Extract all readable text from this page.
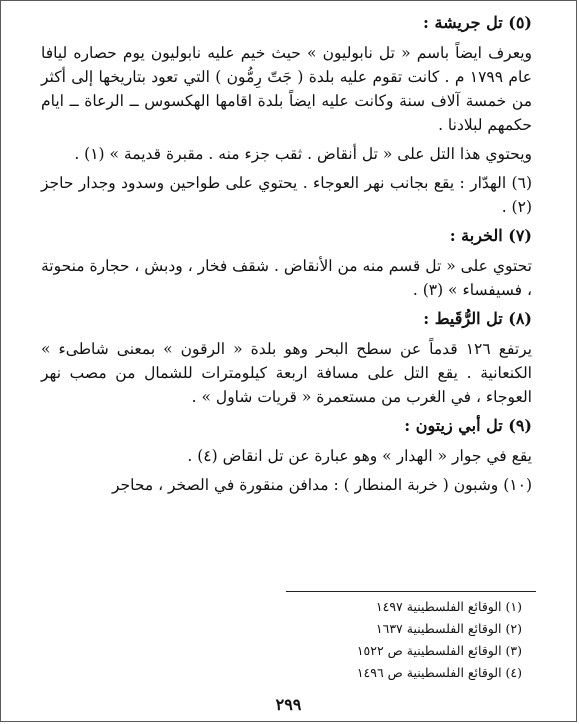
(٥) تل جريشة :
ويعرف ايضاً باسم « تل نابوليون » حيث خيم عليه نابوليون يوم حصاره ليافا عام ١٧٩٩ م . كانت تقوم عليه بلدة ( جَتّ رِمُّون ) التي تعود بتاريخها إلى أكثر من خمسة آلاف سنة وكانت عليه ايضاً بلدة اقامها الهكسوس ــ الرعاة ــ ايام حكمهم لبلادنا .
ويحتوي هذا التل على « تل أنقاض . ثقب جزء منه . مقبرة قديمة » (١) .
(٦) الهدّار : يقع بجانب نهر العوجاء . يحتوي على طواحين وسدود وجدار حاجز (٢) .
(٧) الخربة :
تحتوي على « تل قسم منه من الأنقاض . شقف فخار ، ودبش ، حجارة منحوتة ، فسيفساء » (٣) .
(٨) تل الرُّقَيط :
يرتفع ١٢٦ قدماً عن سطح البحر وهو بلدة « الرقون » بمعنى شاطىء » الكنعانية . يقع التل على مسافة اربعة كيلومترات للشمال من مصب نهر العوجاء ، في الغرب من مستعمرة « قريات شاول » .
(٩) تل أبي زيتون :
يقع في جوار « الهدار » وهو عبارة عن تل انقاض (٤) .
(١٠) وشبون ( خربة المنطار ) : مدافن منقورة في الصخر ، محاجر
(١) الوقائع الفلسطينية ١٤٩٧
(٢) الوقائع الفلسطينية ١٦٣٧
(٣) الوقائع الفلسطينية ص ١٥٢٢
(٤) الوقائع الفلسطينية ص ١٤٩٦
٢٩٩
